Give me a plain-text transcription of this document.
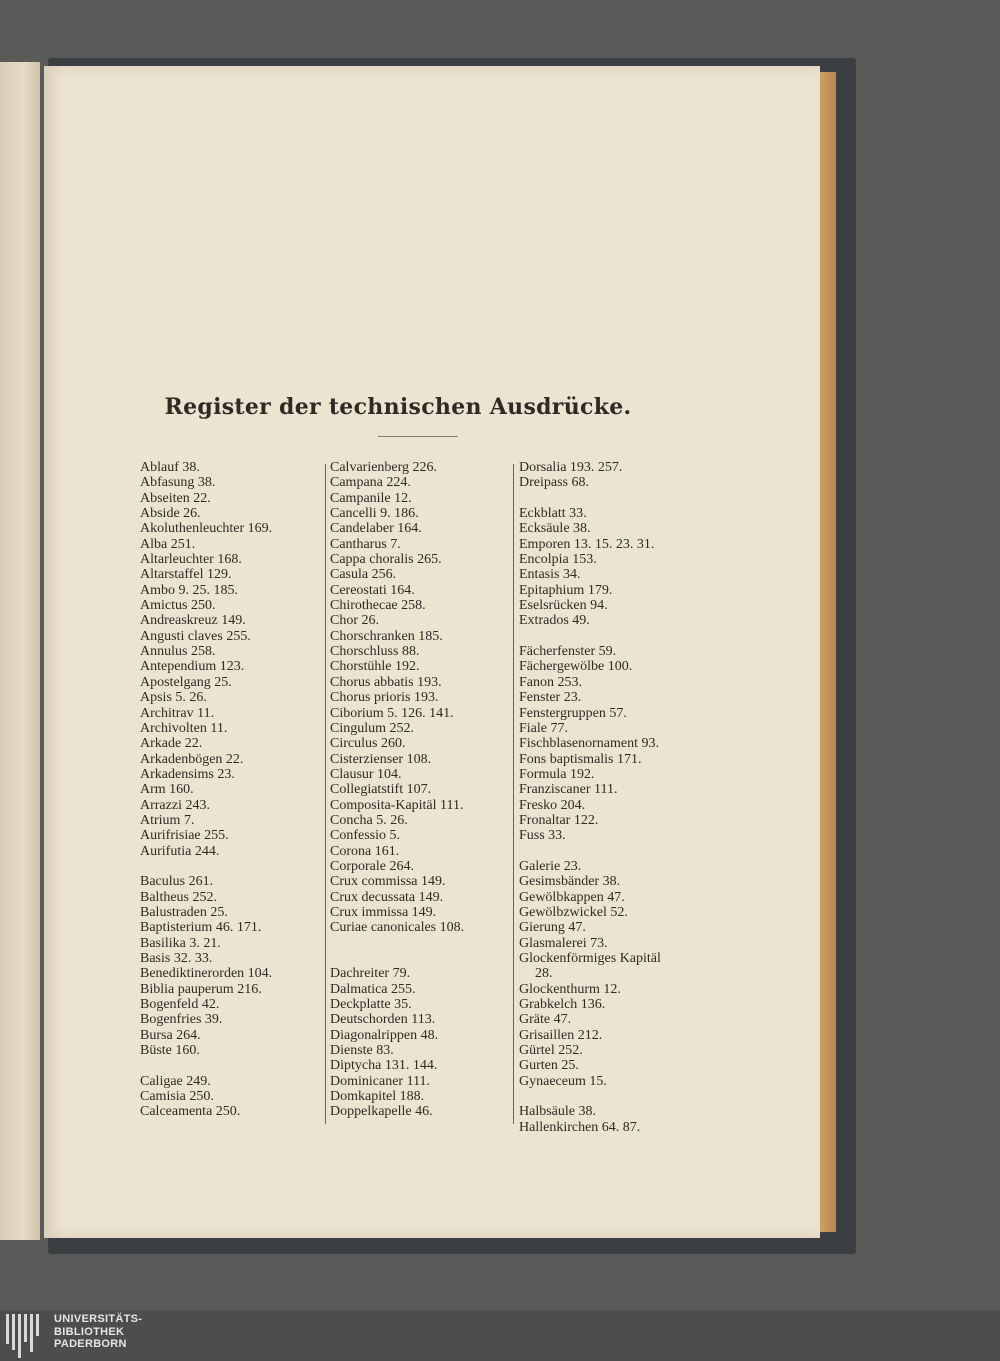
Register der technischen Ausdrücke.
Ablauf 38.
Abfasung 38.
Abseiten 22.
Abside 26.
Akoluthenleuchter 169.
Alba 251.
Altarleuchter 168.
Altarstaffel 129.
Ambo 9. 25. 185.
Amictus 250.
Andreaskreuz 149.
Angusti claves 255.
Annulus 258.
Antependium 123.
Apostelgang 25.
Apsis 5. 26.
Architrav 11.
Archivolten 11.
Arkade 22.
Arkadenbögen 22.
Arkadensims 23.
Arm 160.
Arrazzi 243.
Atrium 7.
Aurifrisiae 255.
Aurifutia 244.
Baculus 261.
Baltheus 252.
Balustraden 25.
Baptisterium 46. 171.
Basilika 3. 21.
Basis 32. 33.
Benediktinerorden 104.
Biblia pauperum 216.
Bogenfeld 42.
Bogenfries 39.
Bursa 264.
Büste 160.
Caligae 249.
Camisia 250.
Calceamenta 250.
Calvarienberg 226.
Campana 224.
Campanile 12.
Cancelli 9. 186.
Candelaber 164.
Cantharus 7.
Cappa choralis 265.
Casula 256.
Cereostati 164.
Chirothecae 258.
Chor 26.
Chorschranken 185.
Chorschluss 88.
Chorstühle 192.
Chorus abbatis 193.
Chorus prioris 193.
Ciborium 5. 126. 141.
Cingulum 252.
Circulus 260.
Cisterzienser 108.
Clausur 104.
Collegiatstift 107.
Composita-Kapitäl 111.
Concha 5. 26.
Confessio 5.
Corona 161.
Corporale 264.
Crux commissa 149.
Crux decussata 149.
Crux immissa 149.
Curiae canonicales 108.
Dachreiter 79.
Dalmatica 255.
Deckplatte 35.
Deutschorden 113.
Diagonalrippen 48.
Dienste 83.
Diptycha 131. 144.
Dominicaner 111.
Domkapitel 188.
Doppelkapelle 46.
Dorsalia 193. 257.
Dreipass 68.
Eckblatt 33.
Ecksäule 38.
Emporen 13. 15. 23. 31.
Encolpia 153.
Entasis 34.
Epitaphium 179.
Eselsrücken 94.
Extrados 49.
Fächerfenster 59.
Fächergewölbe 100.
Fanon 253.
Fenster 23.
Fenstergruppen 57.
Fiale 77.
Fischblasenornament 93.
Fons baptismalis 171.
Formula 192.
Franziscaner 111.
Fresko 204.
Fronaltar 122.
Fuss 33.
Galerie 23.
Gesimsbänder 38.
Gewölbkappen 47.
Gewölbzwickel 52.
Gierung 47.
Glasmalerei 73.
Glockenförmiges Kapitäl
28.
Glockenthurm 12.
Grabkelch 136.
Gräte 47.
Grisaillen 212.
Gürtel 252.
Gurten 25.
Gynaeceum 15.
Halbsäule 38.
Hallenkirchen 64. 87.
UNIVERSITÄTS-
BIBLIOTHEK
PADERBORN
